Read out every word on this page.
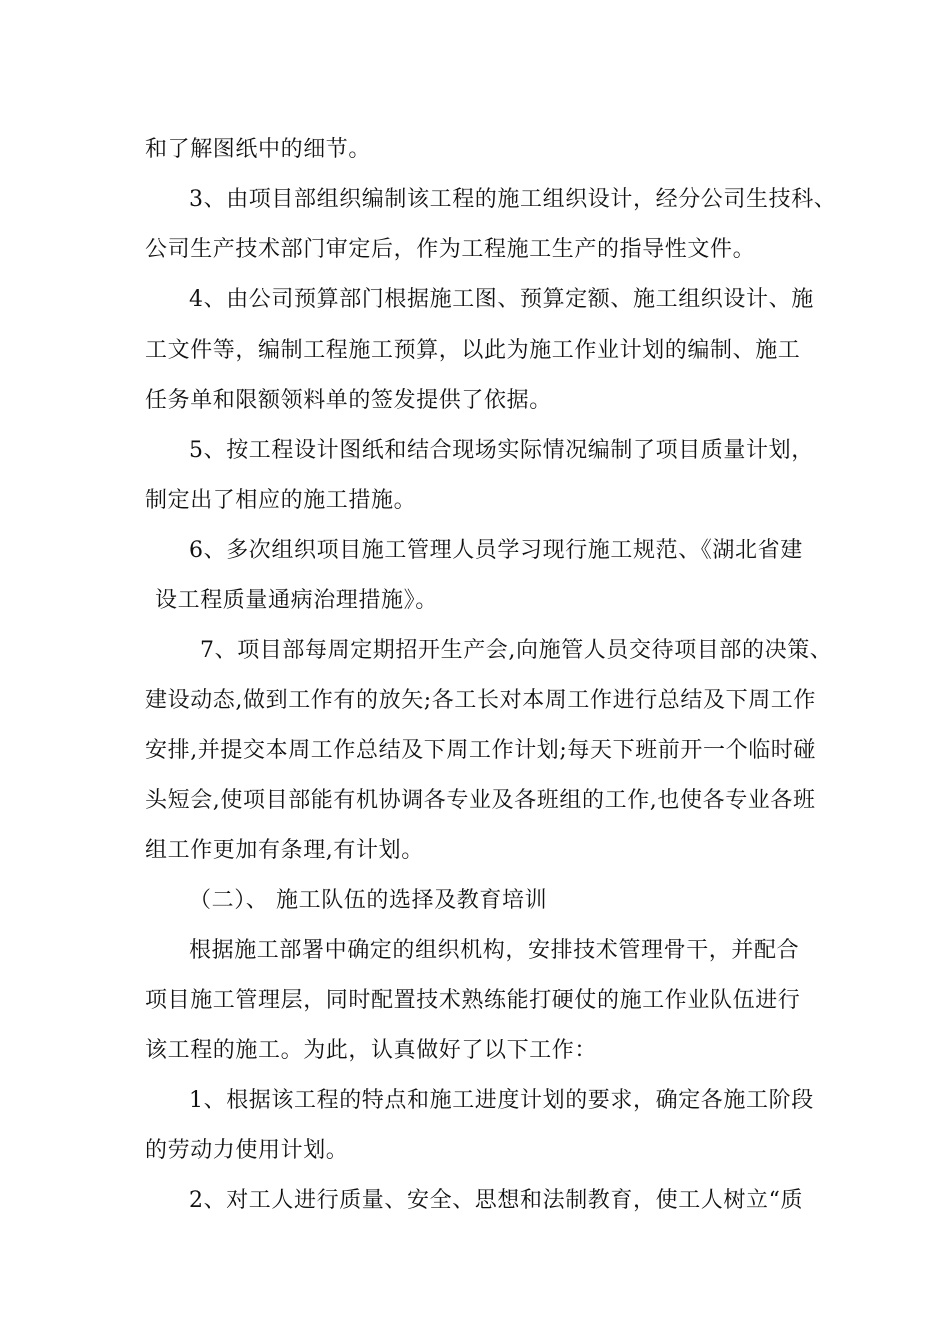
和了解图纸中的细节。
3、由项目部组织编制该工程的施工组织设计，经分公司生技科、
公司生产技术部门审定后，作为工程施工生产的指导性文件。
4、由公司预算部门根据施工图、预算定额、施工组织设计、施
工文件等，编制工程施工预算，以此为施工作业计划的编制、施工
任务单和限额领料单的签发提供了依据。
5、按工程设计图纸和结合现场实际情况编制了项目质量计划，
制定出了相应的施工措施。
6、多次组织项目施工管理人员学习现行施工规范、《湖北省建
设工程质量通病治理措施》。
7、项目部每周定期招开生产会,向施管人员交待项目部的决策、
建设动态,做到工作有的放矢;各工长对本周工作进行总结及下周工作
安排,并提交本周工作总结及下周工作计划;每天下班前开一个临时碰
头短会,使项目部能有机协调各专业及各班组的工作,也使各专业各班
组工作更加有条理,有计划。
（二）、 施工队伍的选择及教育培训
根据施工部署中确定的组织机构，安排技术管理骨干，并配合
项目施工管理层，同时配置技术熟练能打硬仗的施工作业队伍进行
该工程的施工。为此，认真做好了以下工作：
1、根据该工程的特点和施工进度计划的要求，确定各施工阶段
的劳动力使用计划。
2、对工人进行质量、安全、思想和法制教育，使工人树立“质
